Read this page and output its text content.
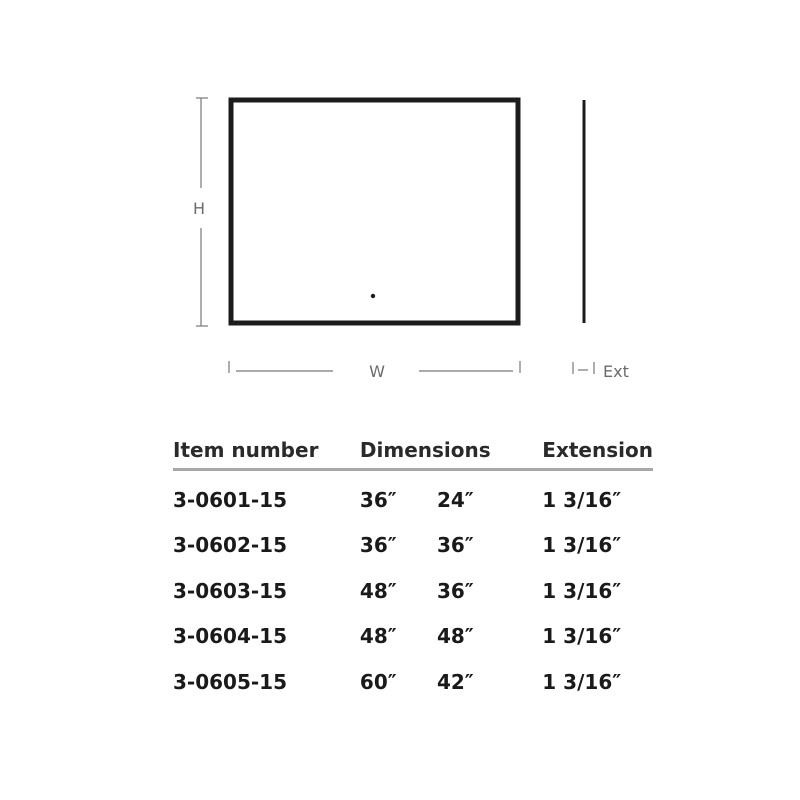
H
W	Ext
Item number	Dimensions		Extension
3-0601-15	36″	24″	1 3/16″
3-0602-15	36″	36″	1 3/16″
3-0603-15	48″	36″	1 3/16″
3-0604-15	48″	48″	1 3/16″
3-0605-15	60″	42″	1 3/16″
